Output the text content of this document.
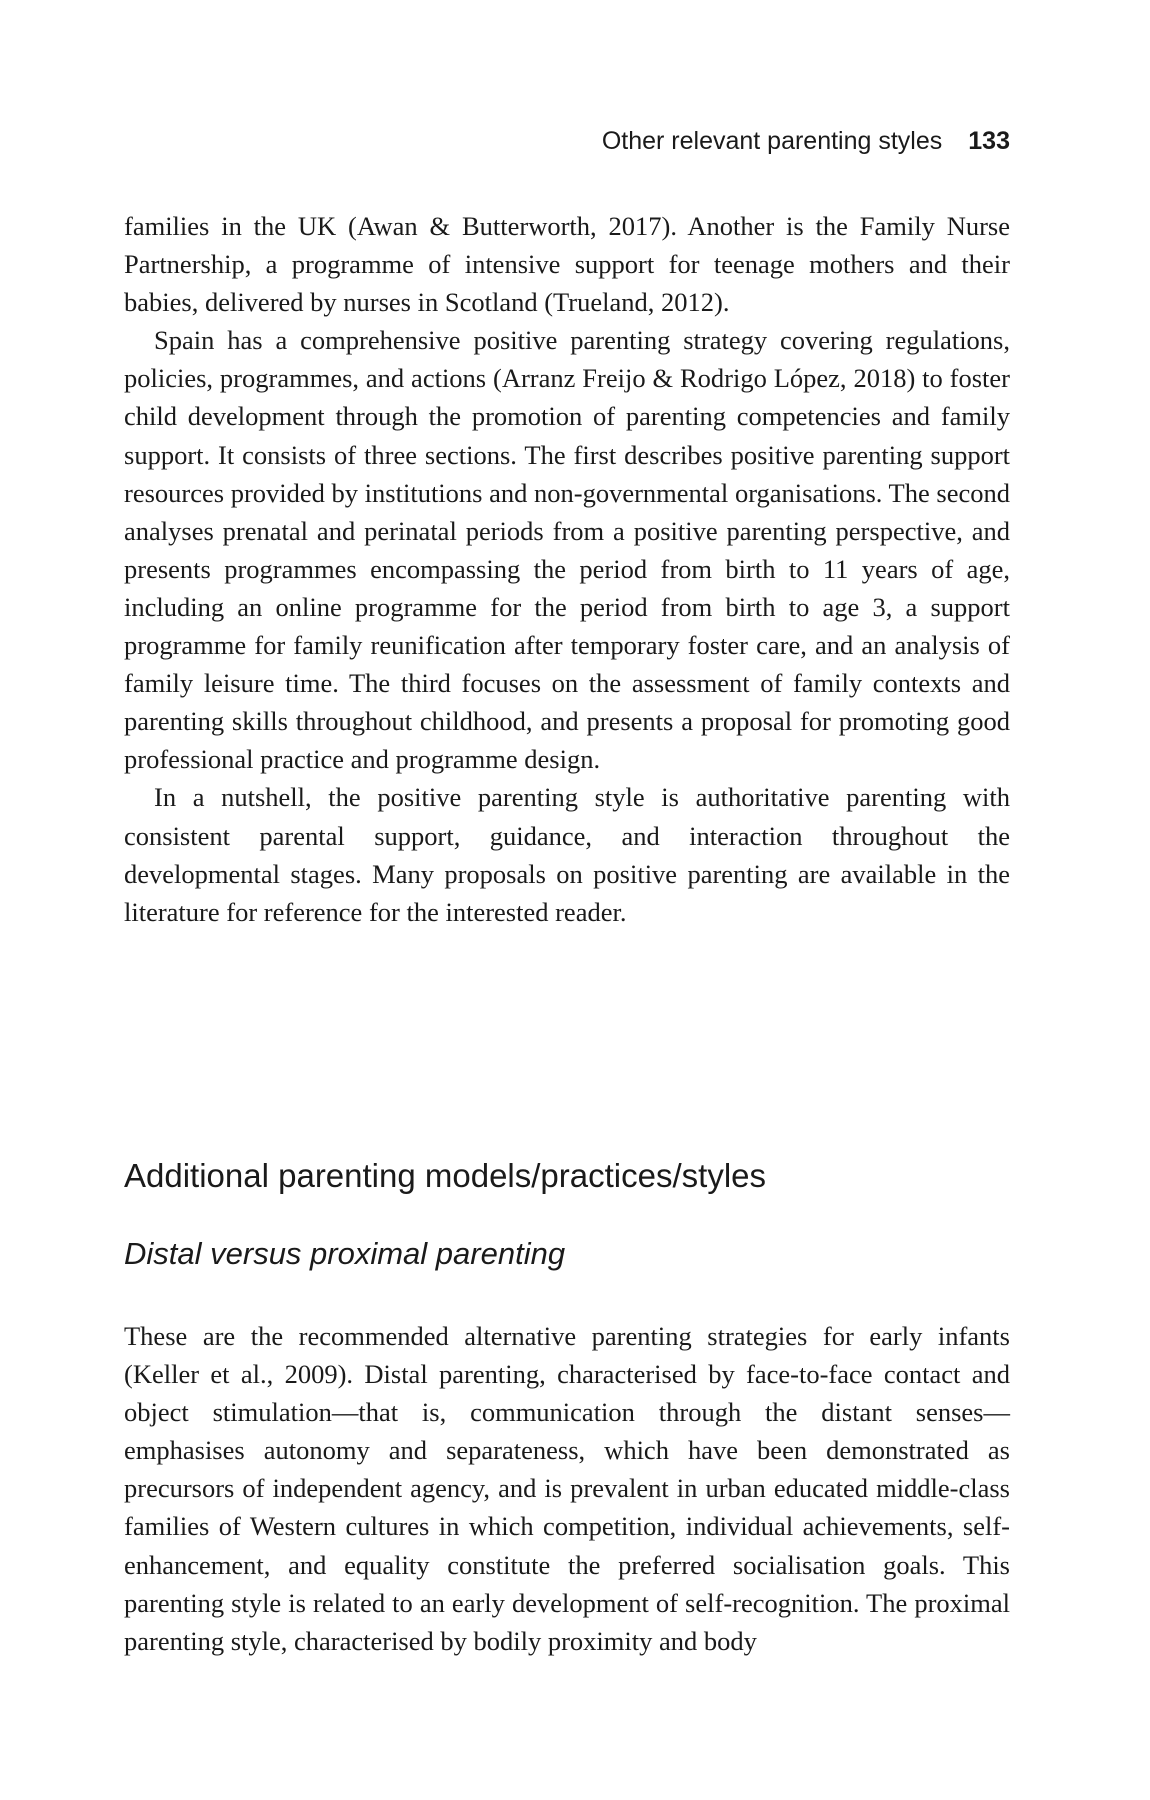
Other relevant parenting styles 133

families in the UK (Awan & Butterworth, 2017). Another is the Family Nurse Partnership, a programme of intensive support for teenage mothers and their babies, delivered by nurses in Scotland (Trueland, 2012).

Spain has a comprehensive positive parenting strategy covering regulations, policies, programmes, and actions (Arranz Freijo & Rodrigo López, 2018) to foster child development through the promotion of parenting competencies and family support. It consists of three sections. The first describes positive parenting support resources provided by institutions and non-governmental organisations. The second analyses prenatal and perinatal periods from a positive parenting perspective, and presents programmes encompassing the period from birth to 11 years of age, including an online programme for the period from birth to age 3, a support programme for family reunification after temporary foster care, and an analysis of family leisure time. The third focuses on the assessment of family contexts and parenting skills throughout childhood, and presents a proposal for promoting good professional practice and programme design.

In a nutshell, the positive parenting style is authoritative parenting with consistent parental support, guidance, and interaction throughout the developmental stages. Many proposals on positive parenting are available in the literature for reference for the interested reader.

Additional parenting models/practices/styles
Distal versus proximal parenting

These are the recommended alternative parenting strategies for early infants (Keller et al., 2009). Distal parenting, characterised by face-to-face contact and object stimulation—that is, communication through the distant senses—emphasises autonomy and separateness, which have been demonstrated as precursors of independent agency, and is prevalent in urban educated middle-class families of Western cultures in which competition, individual achievements, self-enhancement, and equality constitute the preferred socialisation goals. This parenting style is related to an early development of self-recognition. The proximal parenting style, characterised by bodily proximity and body
